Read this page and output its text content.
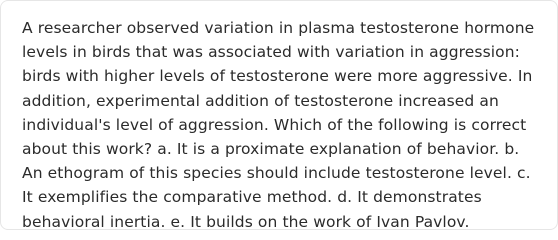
A researcher observed variation in plasma testosterone hormone levels in birds that was associated with variation in aggression: birds with higher levels of testosterone were more aggressive. In addition, experimental addition of testosterone increased an individual's level of aggression. Which of the following is correct about this work? a. It is a proximate explanation of behavior. b. An ethogram of this species should include testosterone level. c. It exemplifies the comparative method. d. It demonstrates behavioral inertia. e. It builds on the work of Ivan Pavlov.
